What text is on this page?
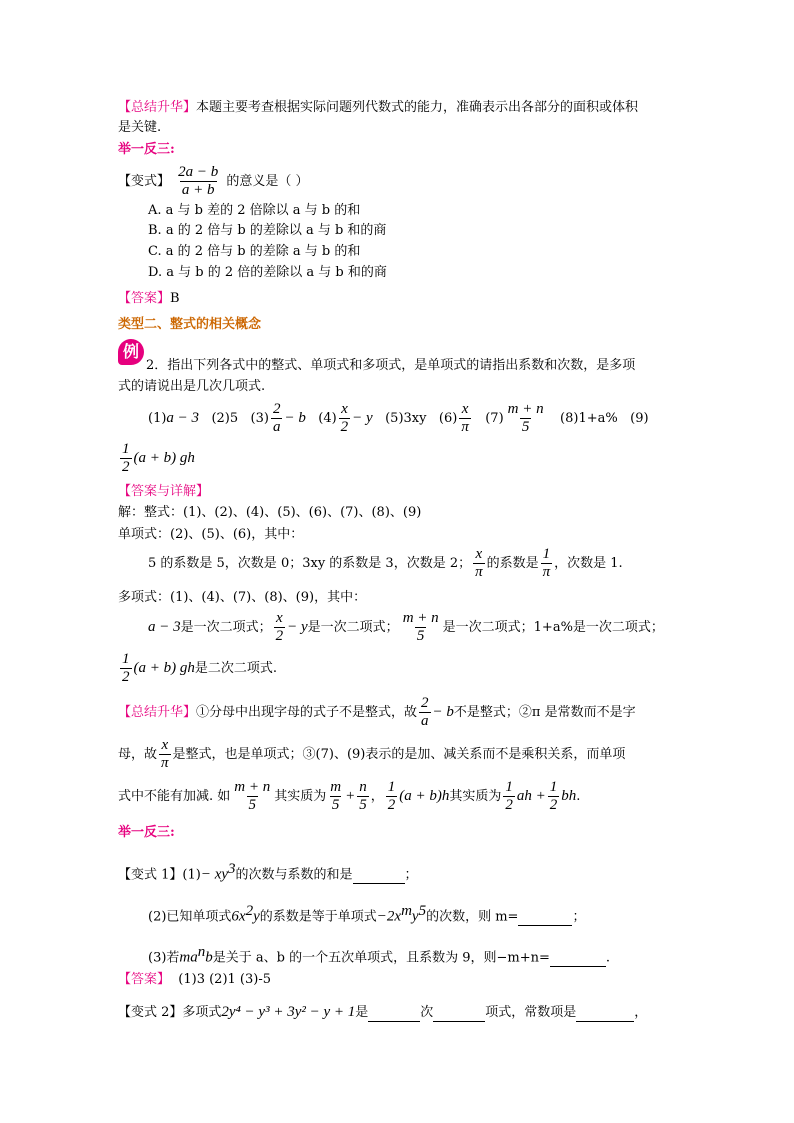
【总结升华】本题主要考查根据实际问题列代数式的能力，准确表示出各部分的面积或体积
是关键.
举一反三:
【变式】 $\frac{2a - b}{a + b}$ 的意义是（ ）
A. a 与 b 差的 2 倍除以 a 与 b 的和
B. a 的 2 倍与 b 的差除以 a 与 b 和的商
C. a 的 2 倍与 b 的差除 a 与 b 的和
D. a 与 b 的 2 倍的差除以 a 与 b 和的商
【答案】B
类型二、整式的相关概念
例
2．指出下列各式中的整式、单项式和多项式，是单项式的请指出系数和次数，是多项
式的请说出是几次几项式.
(1)a − 3 (2)5 $(3) \frac{2}{a} - b$ $(4) \frac{x}{2} - y$ (5)3xy $(6) \frac{x}{\pi} (7) \frac{m + n}{5} (8)1+a\%$ (9)
$\frac{1}{2} (a + b)$ gh
【答案与详解】
解：整式：(1)、(2)、(4)、(5)、(6)、(7)、(8)、(9)
单项式：(2)、(5)、(6)，其中：
5 的系数是 5，次数是 0；3xy 的系数是 3，次数是 2； $\frac{x}{\pi}$ 的系数是 $\frac{1}{\pi}$ ，次数是 1.
多项式：(1)、(4)、(7)、(8)、(9)，其中：
a − 3是一次二项式； $\frac{x}{2} - y$是一次二项式； $\frac{m + n}{5}$ 是一次二项式；1+a%是一次二项式；
$\frac{1}{2} (a + b)$ gh是二次二项式.
【总结升华】①分母中出现字母的式子不是整式，故 $\frac{2}{a} - b$不是整式；②π 是常数而不是字
母，故 $\frac{x}{\pi}$ 是整式，也是单项式；③(7)、(9)表示的是加、减关系而不是乘积关系，而单项
式中不能有加减. 如 $\frac{m + n}{5}$ 其实质为 $\frac{m}{5} + \frac{n}{5}$ ， $\frac{1}{2} (a + b)h$其实质为 $\frac{1}{2}$ ah + $\frac{1}{2}$ bh.
举一反三:
【变式 1】$(1)- xy^3$的次数与系数的和是	；
(2)已知单项式$6x^2y$的系数是等于单项式$-2x^my^5$的次数，则 m=	；
(3)若$ma^nb$是关于 a、b 的一个五次单项式，且系数为 9，则−m+n=	.
【答案】 (1)3 (2)1 (3)-5
【变式 2】多项式2y⁴ − y³ + 3y² − y + 1是	次	项式，常数项是	，
